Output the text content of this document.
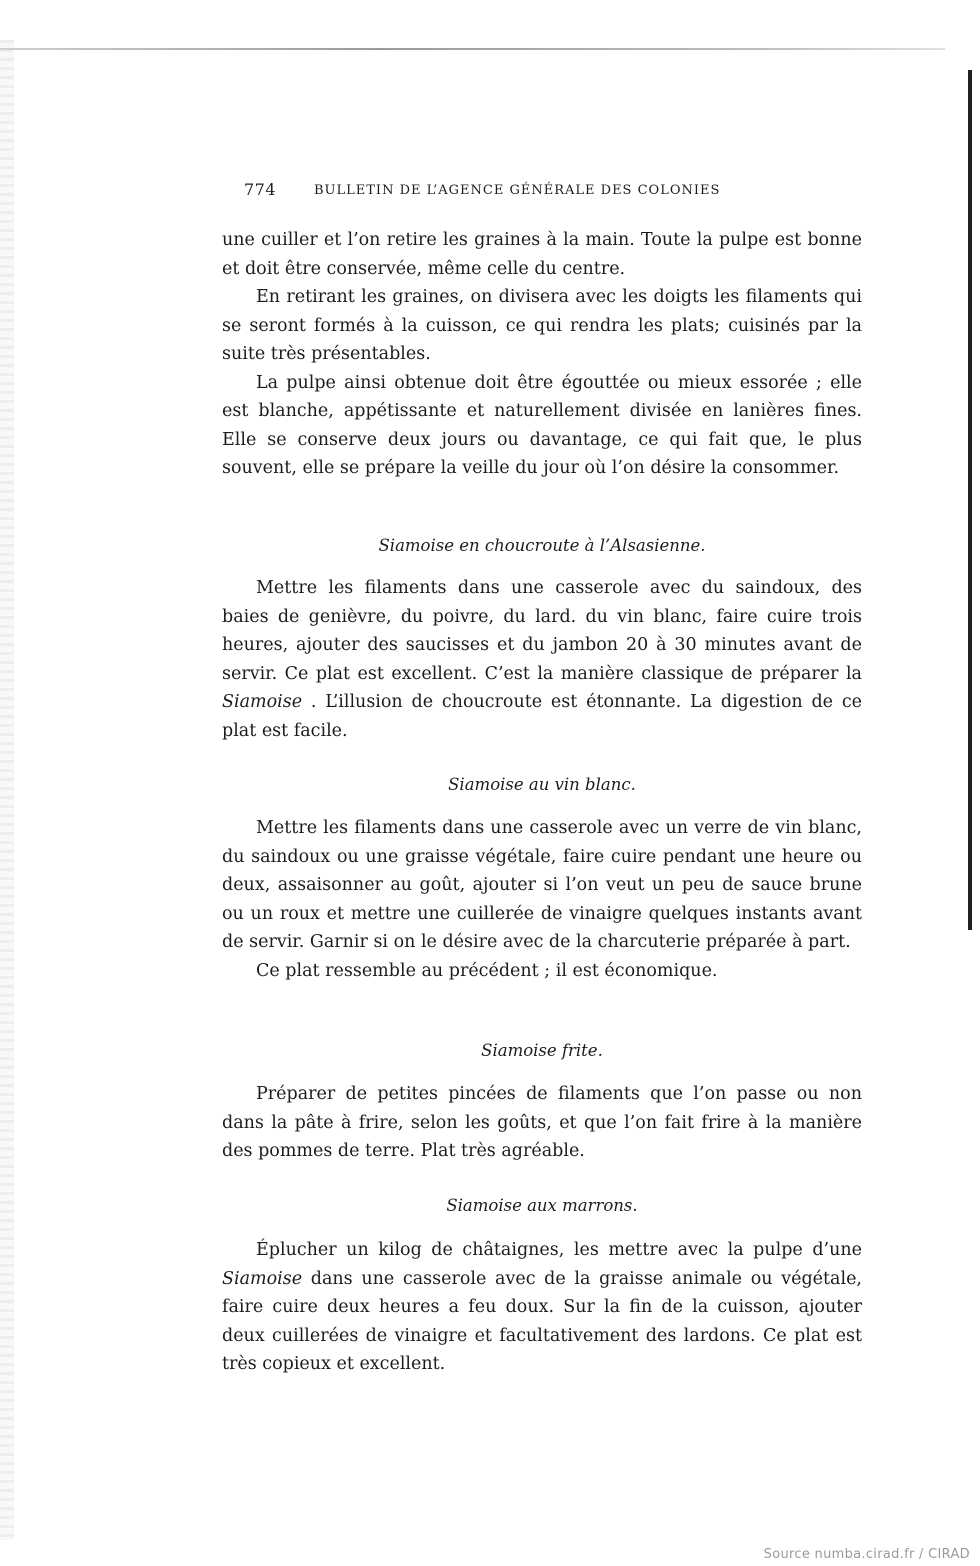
774	BULLETIN DE L’AGENCE GÉNÉRALE DES COLONIES

une cuiller et l’on retire les graines à la main. Toute la pulpe est bonne et doit être conservée, même celle du centre.

En retirant les graines, on divisera avec les doigts les filaments qui se seront formés à la cuisson, ce qui rendra les plats; cuisinés par la suite très présentables.

La pulpe ainsi obtenue doit être égouttée ou mieux essorée ; elle est blanche, appétissante et naturellement divisée en lanières fines. Elle se conserve deux jours ou davantage, ce qui fait que, le plus souvent, elle se prépare la veille du jour où l’on désire la consommer.

Siamoise en choucroute à l’Alsasienne.

Mettre les filaments dans une casserole avec du saindoux, des baies de genièvre, du poivre, du lard. du vin blanc, faire cuire trois heures, ajouter des saucisses et du jambon 20 à 30 minutes avant de servir. Ce plat est excellent. C’est la manière classique de préparer la Siamoise . L’illusion de choucroute est étonnante. La digestion de ce plat est facile.

Siamoise au vin blanc.

Mettre les filaments dans une casserole avec un verre de vin blanc, du saindoux ou une graisse végétale, faire cuire pendant une heure ou deux, assaisonner au goût, ajouter si l’on veut un peu de sauce brune ou un roux et mettre une cuillerée de vinaigre quelques instants avant de servir. Garnir si on le désire avec de la charcuterie préparée à part.

Ce plat ressemble au précédent ; il est économique.

Siamoise frite.

Préparer de petites pincées de filaments que l’on passe ou non dans la pâte à frire, selon les goûts, et que l’on fait frire à la manière des pommes de terre. Plat très agréable.

Siamoise aux marrons.

Éplucher un kilog de châtaignes, les mettre avec la pulpe d’une Siamoise dans une casserole avec de la graisse animale ou végétale, faire cuire deux heures a feu doux. Sur la fin de la cuisson, ajouter deux cuillerées de vinaigre et facultativement des lardons. Ce plat est très copieux et excellent.

Source numba.cirad.fr / CIRAD
